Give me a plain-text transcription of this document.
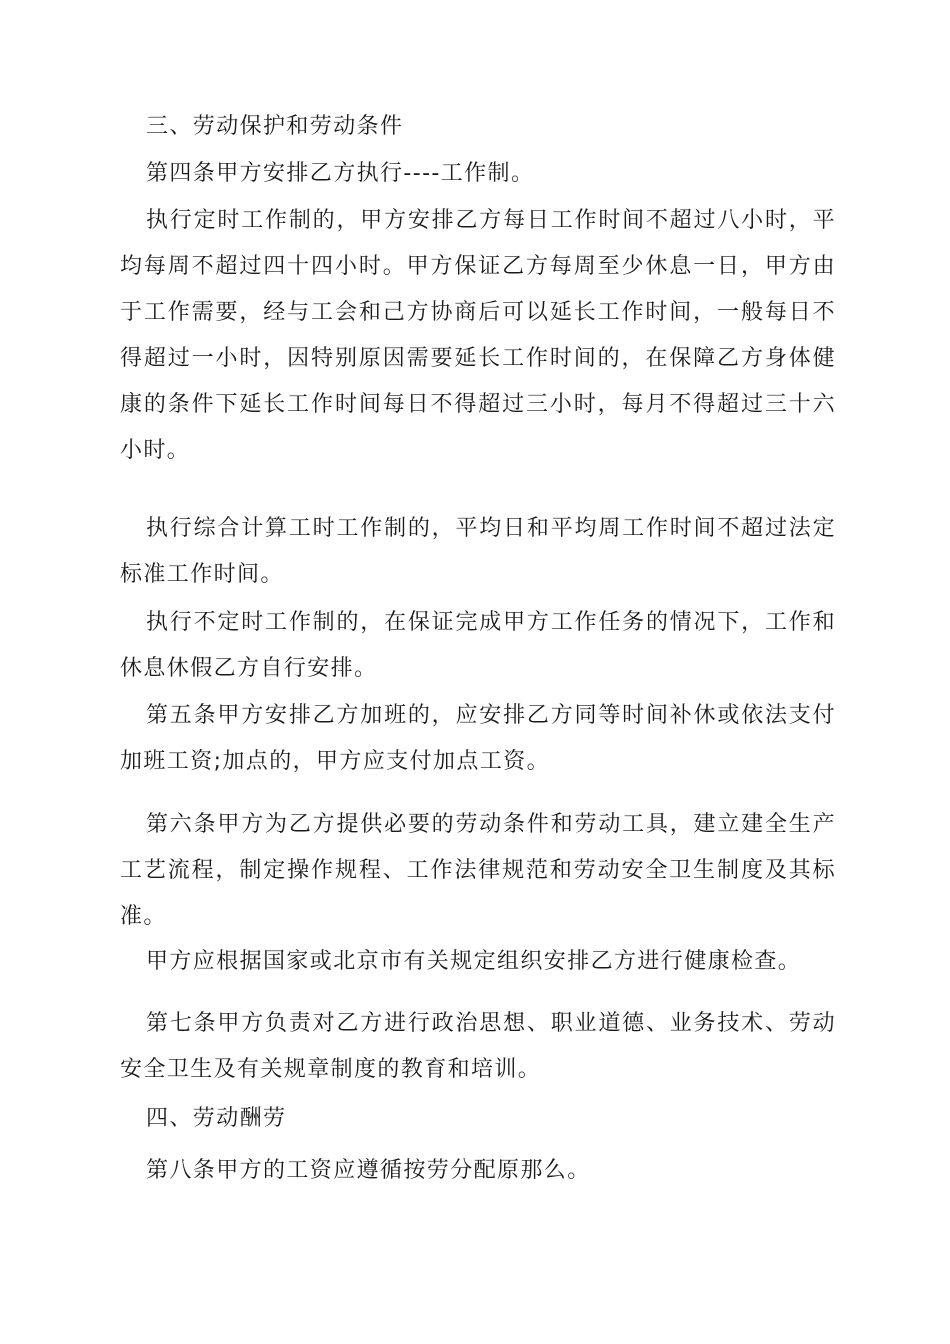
三、劳动保护和劳动条件

第四条甲方安排乙方执行----工作制。

执行定时工作制的，甲方安排乙方每日工作时间不超过八小时，平均每周不超过四十四小时。甲方保证乙方每周至少休息一日，甲方由于工作需要，经与工会和己方协商后可以延长工作时间，一般每日不得超过一小时，因特别原因需要延长工作时间的，在保障乙方身体健康的条件下延长工作时间每日不得超过三小时，每月不得超过三十六小时。

执行综合计算工时工作制的，平均日和平均周工作时间不超过法定标准工作时间。

执行不定时工作制的，在保证完成甲方工作任务的情况下，工作和休息休假乙方自行安排。

第五条甲方安排乙方加班的，应安排乙方同等时间补休或依法支付加班工资;加点的，甲方应支付加点工资。

第六条甲方为乙方提供必要的劳动条件和劳动工具，建立建全生产工艺流程，制定操作规程、工作法律规范和劳动安全卫生制度及其标准。

甲方应根据国家或北京市有关规定组织安排乙方进行健康检查。

第七条甲方负责对乙方进行政治思想、职业道德、业务技术、劳动安全卫生及有关规章制度的教育和培训。

四、劳动酬劳

第八条甲方的工资应遵循按劳分配原那么。
